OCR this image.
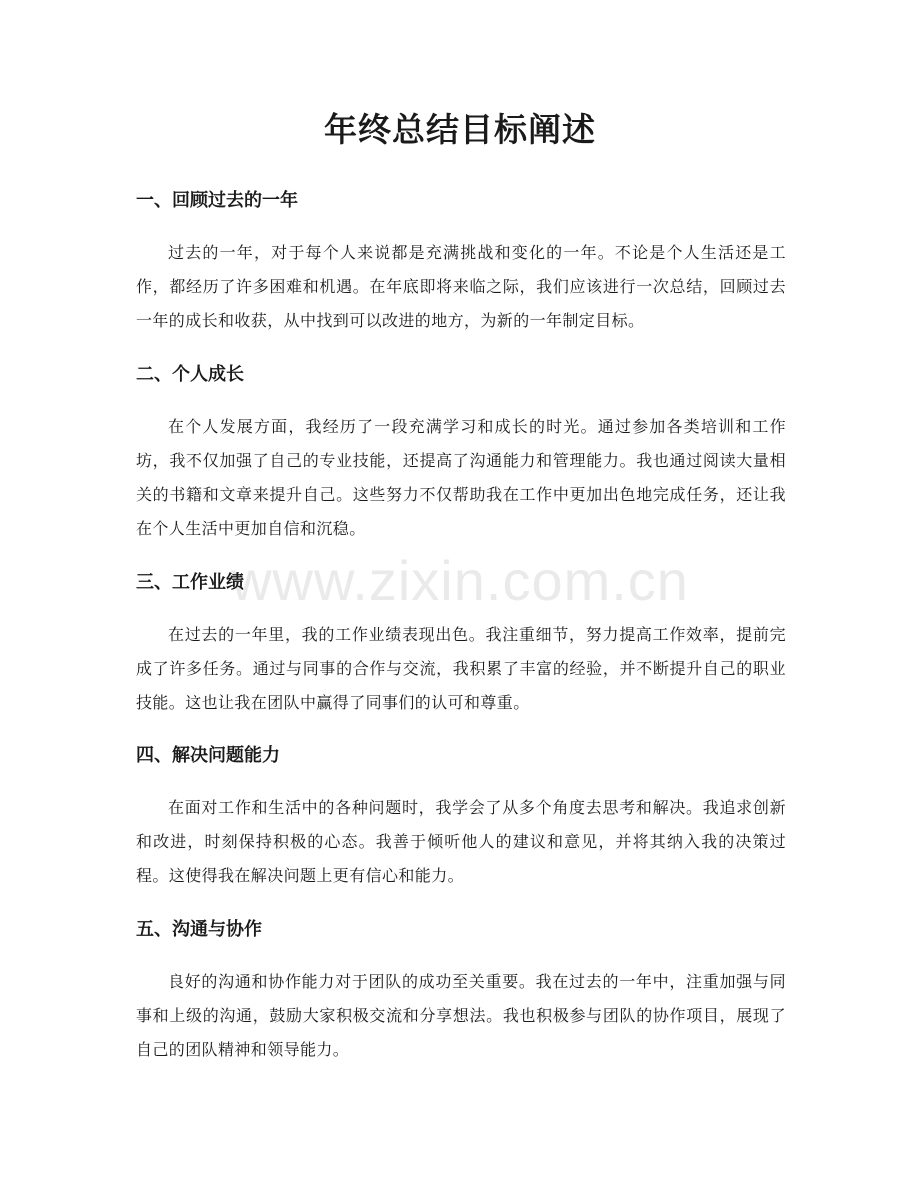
www.zixin.com.cn
年终总结目标阐述
一、回顾过去的一年

过去的一年，对于每个人来说都是充满挑战和变化的一年。不论是个人生活还是工作，都经历了许多困难和机遇。在年底即将来临之际，我们应该进行一次总结，回顾过去一年的成长和收获，从中找到可以改进的地方，为新的一年制定目标。

二、个人成长

在个人发展方面，我经历了一段充满学习和成长的时光。通过参加各类培训和工作坊，我不仅加强了自己的专业技能，还提高了沟通能力和管理能力。我也通过阅读大量相关的书籍和文章来提升自己。这些努力不仅帮助我在工作中更加出色地完成任务，还让我在个人生活中更加自信和沉稳。

三、工作业绩

在过去的一年里，我的工作业绩表现出色。我注重细节，努力提高工作效率，提前完成了许多任务。通过与同事的合作与交流，我积累了丰富的经验，并不断提升自己的职业技能。这也让我在团队中赢得了同事们的认可和尊重。

四、解决问题能力

在面对工作和生活中的各种问题时，我学会了从多个角度去思考和解决。我追求创新和改进，时刻保持积极的心态。我善于倾听他人的建议和意见，并将其纳入我的决策过程。这使得我在解决问题上更有信心和能力。

五、沟通与协作

良好的沟通和协作能力对于团队的成功至关重要。我在过去的一年中，注重加强与同事和上级的沟通，鼓励大家积极交流和分享想法。我也积极参与团队的协作项目，展现了自己的团队精神和领导能力。
